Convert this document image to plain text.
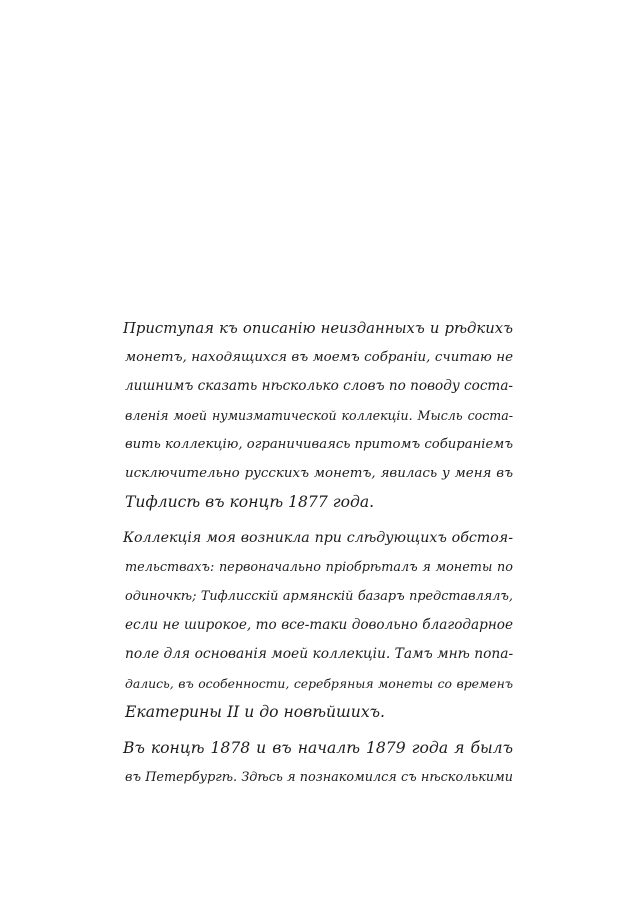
Приступая къ описанію неизданныхъ и рѣдкихъ
монетъ, находящихся въ моемъ собраніи, считаю не
лишнимъ сказать нѣсколько словъ по поводу соста-
вленія моей нумизматической коллекціи. Мысль соста-
вить коллекцію, ограничиваясь притомъ собираніемъ
исключительно русскихъ монетъ, явилась у меня въ
Тифлисѣ въ концѣ 1877 года.
Коллекція моя возникла при слѣдующихъ обстоя-
тельствахъ: первоначально пріобрѣталъ я монеты по
одиночкѣ; Тифлисскій армянскій базаръ представлялъ,
если не широкое, то все-таки довольно благодарное
поле для основанія моей коллекціи. Тамъ мнѣ попа-
дались, въ особенности, серебряныя монеты со временъ
Екатерины II и до новѣйшихъ.
Въ концѣ 1878 и въ началѣ 1879 года я былъ
въ Петербургѣ. Здѣсь я познакомился съ нѣсколькими
